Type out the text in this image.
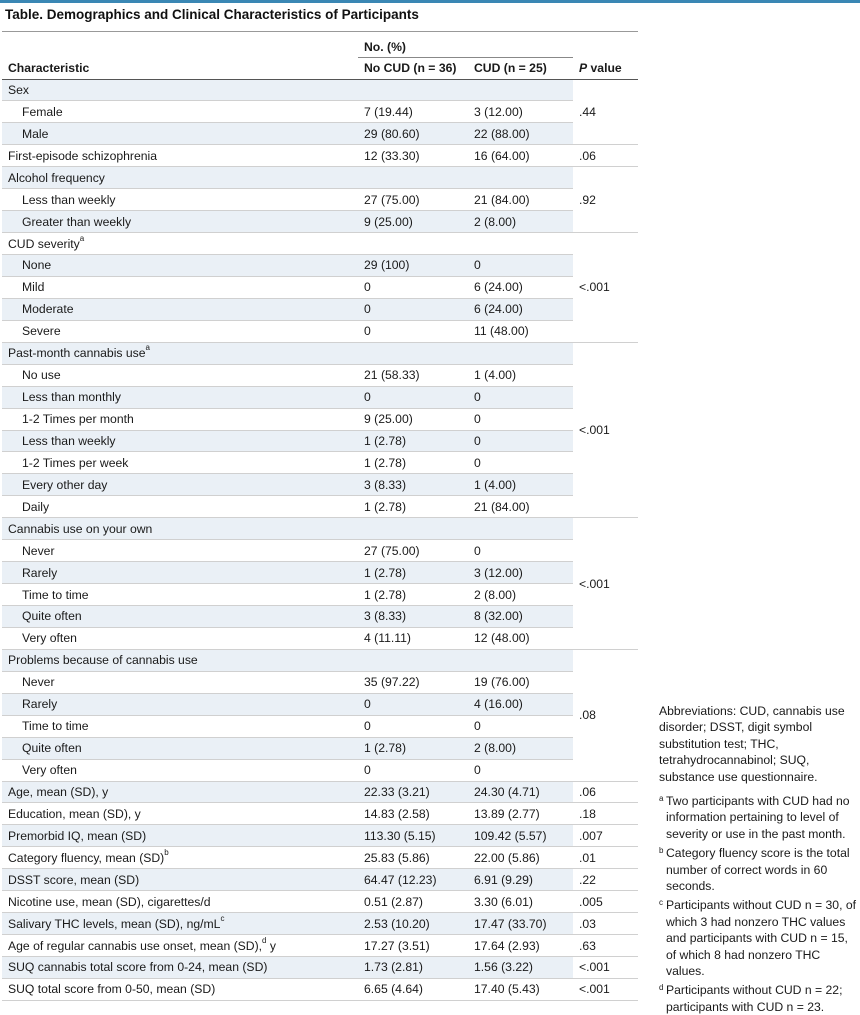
Table. Demographics and Clinical Characteristics of Participants
	No. (%)		
Characteristic	No CUD (n = 36)	CUD (n = 25)	P value
Sex			.44
Female	7 (19.44)	3 (12.00)	
Male	29 (80.60)	22 (88.00)	
First-episode schizophrenia	12 (33.30)	16 (64.00)	.06
Alcohol frequency			.92
Less than weekly	27 (75.00)	21 (84.00)	
Greater than weekly	9 (25.00)	2 (8.00)	
CUD severity$^a$			<.001
None	29 (100)	0	
Mild	0	6 (24.00)	
Moderate	0	6 (24.00)	
Severe	0	11 (48.00)	
Past-month cannabis use$^a$			<.001
No use	21 (58.33)	1 (4.00)	
Less than monthly	0	0	
1-2 Times per month	9 (25.00)	0	
Less than weekly	1 (2.78)	0	
1-2 Times per week	1 (2.78)	0	
Every other day	3 (8.33)	1 (4.00)	
Daily	1 (2.78)	21 (84.00)	
Cannabis use on your own			<.001
Never	27 (75.00)	0	
Rarely	1 (2.78)	3 (12.00)	
Time to time	1 (2.78)	2 (8.00)	
Quite often	3 (8.33)	8 (32.00)	
Very often	4 (11.11)	12 (48.00)	
Problems because of cannabis use			.08
Never	35 (97.22)	19 (76.00)	
Rarely	0	4 (16.00)	
Time to time	0	0	
Quite often	1 (2.78)	2 (8.00)	
Very often	0	0	
Age, mean (SD), y	22.33 (3.21)	24.30 (4.71)	.06
Education, mean (SD), y	14.83 (2.58)	13.89 (2.77)	.18
Premorbid IQ, mean (SD)	113.30 (5.15)	109.42 (5.57)	.007
Category fluency, mean (SD)$^b$	25.83 (5.86)	22.00 (5.86)	.01
DSST score, mean (SD)	64.47 (12.23)	6.91 (9.29)	.22
Nicotine use, mean (SD), cigarettes/d	0.51 (2.87)	3.30 (6.01)	.005
Salivary THC levels, mean (SD), $ng/mL^c$	2.53 (10.20)	17.47 (33.70)	.03
Age of regular cannabis use onset, mean (SD),$^d$ y	17.27 (3.51)	17.64 (2.93)	.63
SUQ cannabis total score from 0-24, mean (SD)	1.73 (2.81)	1.56 (3.22)	<.001
SUQ total score from 0-50, mean (SD)	6.65 (4.64)	17.40 (5.43)	<.001
Abbreviations: CUD, cannabis use disorder; DSST, digit symbol substitution test; THC, tetrahydrocannabinol; SUQ, substance use questionnaire.
a Two participants with CUD had no information pertaining to level of severity or use in the past month.
b Category fluency score is the total number of correct words in 60 seconds.
c Participants without CUD n = 30, of which 3 had nonzero THC values and participants with CUD n = 15, of which 8 had nonzero THC values.
d Participants without CUD n = 22; participants with CUD n = 23.
